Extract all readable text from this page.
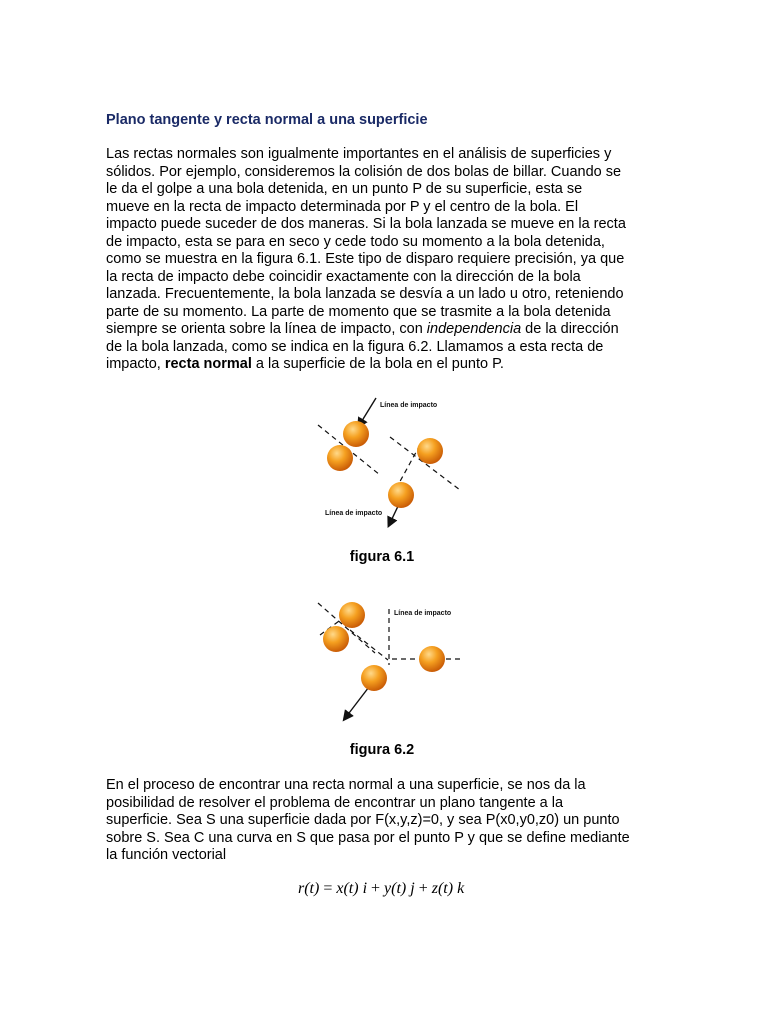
Plano tangente y recta normal a una superficie

Las rectas normales son igualmente importantes en el análisis de superficies y sólidos. Por ejemplo, consideremos la colisión de dos bolas de billar. Cuando se le da el golpe a una bola detenida, en un punto P de su superficie, esta se mueve en la recta de impacto determinada por P y el centro de la bola. El impacto puede suceder de dos maneras. Si la bola lanzada se mueve en la recta de impacto, esta se para en seco y cede todo su momento a la bola detenida, como se muestra en la figura 6.1. Este tipo de disparo requiere precisión, ya que la recta de impacto debe coincidir exactamente con la dirección de la bola lanzada. Frecuentemente, la bola lanzada se desvía a un lado u otro, reteniendo parte de su momento. La parte de momento que se trasmite a la bola detenida siempre se orienta sobre la línea de impacto, con independencia de la dirección de la bola lanzada, como se indica en la figura 6.2. Llamamos a esta recta de impacto, recta normal a la superficie de la bola en el punto P.

Línea de impacto
Línea de impacto
figura 6.1
Línea de impacto
figura 6.2

En el proceso de encontrar una recta normal a una superficie, se nos da la posibilidad de resolver el problema de encontrar un plano tangente a la superficie. Sea S una superficie dada por F(x,y,z)=0, y sea P(x0,y0,z0) un punto sobre S. Sea C una curva en S que pasa por el punto P y que se define mediante la función vectorial

r(t) = x(t) i + y(t) j + z(t) k
